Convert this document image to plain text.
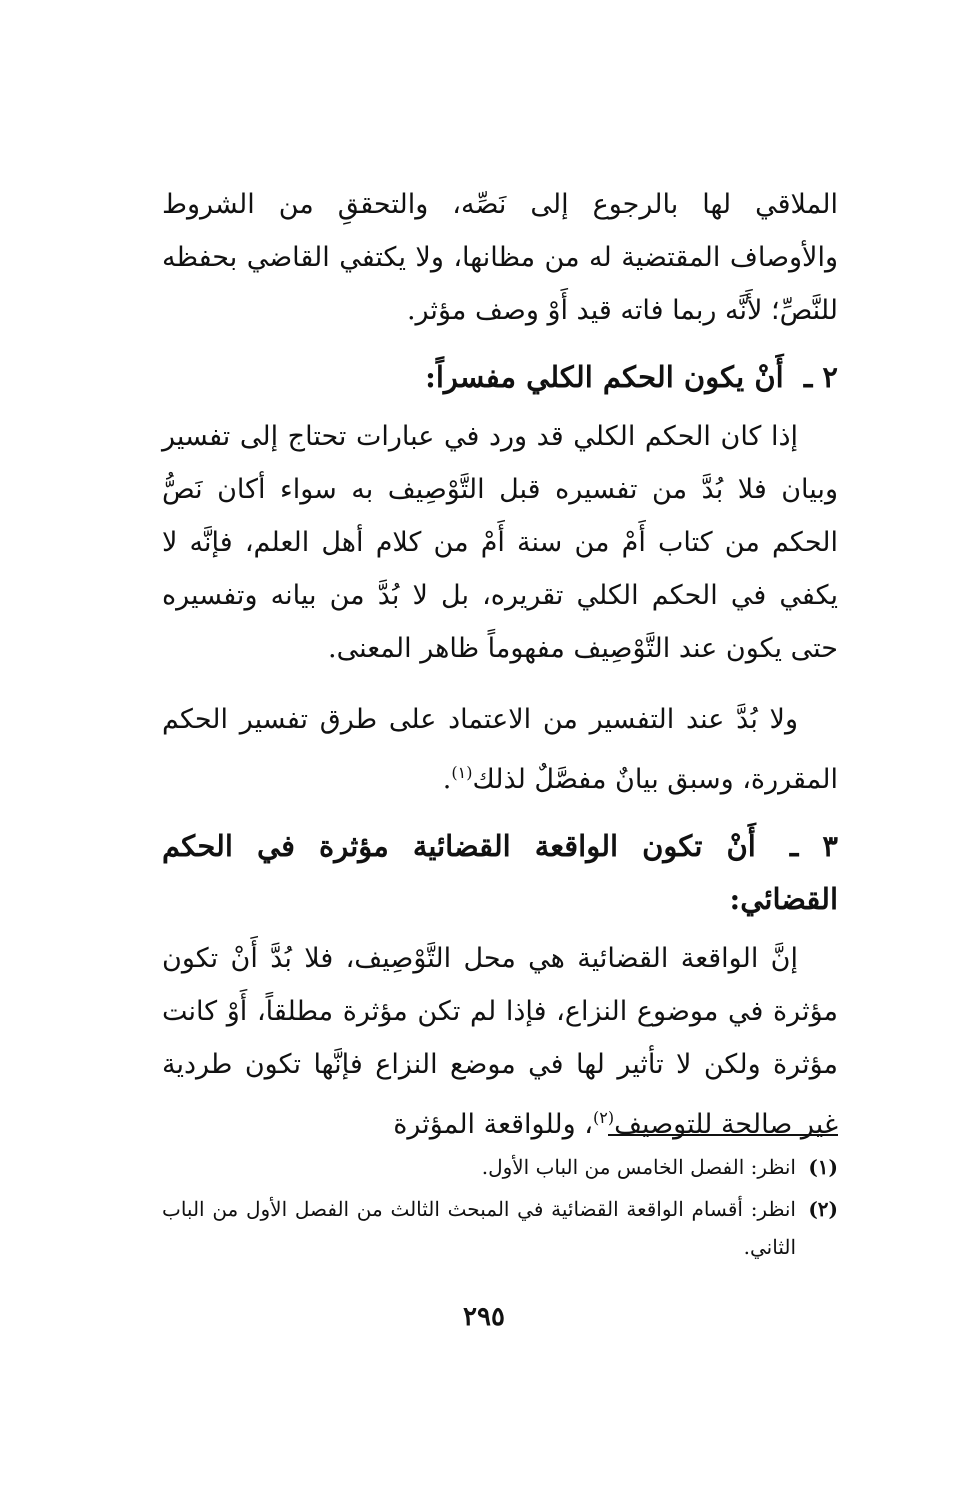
الملاقي لها بالرجوع إلى نَصِّه، والتحققِ من الشروط والأوصاف المقتضية له من مظانها، ولا يكتفي القاضي بحفظه للنَّصِّ؛ لأَنَّه ربما فاته قيد أَوْ وصف مؤثر.

٢ ـ أَنْ يكون الحكم الكلي مفسراً:

إذا كان الحكم الكلي قد ورد في عبارات تحتاج إلى تفسير وبيان فلا بُدَّ من تفسيره قبل التَّوْصِيف به سواء أكان نَصُّ الحكم من كتاب أَمْ من سنة أَمْ من كلام أهل العلم، فإنَّه لا يكفي في الحكم الكلي تقريره، بل لا بُدَّ من بيانه وتفسيره حتى يكون عند التَّوْصِيف مفهوماً ظاهر المعنى.

ولا بُدَّ عند التفسير من الاعتماد على طرق تفسير الحكم المقررة، وسبق بيانٌ مفصَّلٌ لذلك$^{(١)}$.

٣ ـ أَنْ تكون الواقعة القضائية مؤثرة في الحكم القضائي:

إنَّ الواقعة القضائية هي محل التَّوْصِيف، فلا بُدَّ أَنْ تكون مؤثرة في موضوع النزاع، فإذا لم تكن مؤثرة مطلقاً، أَوْ كانت مؤثرة ولكن لا تأثير لها في موضع النزاع فإنَّها تكون طردية غير صالحة للتوصيف$^{(٢)}$، وللواقعة المؤثرة

(١)
انظر: الفصل الخامس من الباب الأول.

(٢)
انظر: أقسام الواقعة القضائية في المبحث الثالث من الفصل الأول من الباب الثاني.

٢٩٥
